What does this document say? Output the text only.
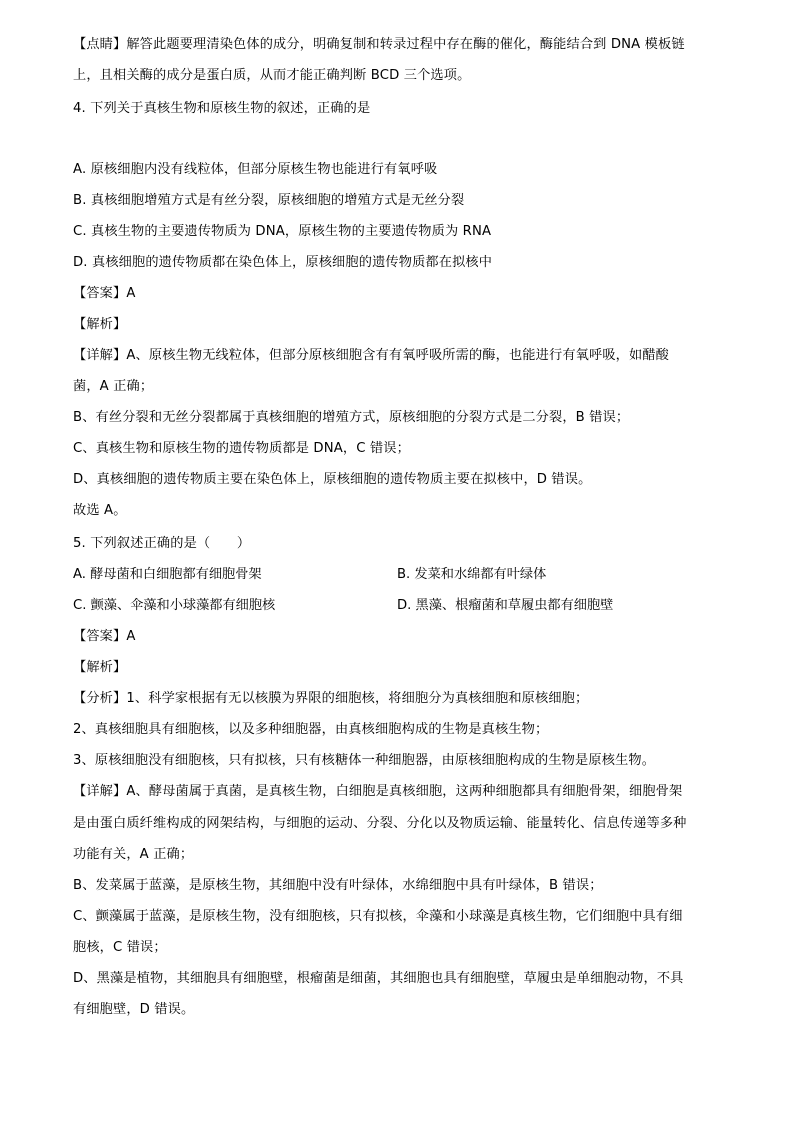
【点睛】解答此题要理清染色体的成分，明确复制和转录过程中存在酶的催化，酶能结合到 DNA 模板链
上，且相关酶的成分是蛋白质，从而才能正确判断 BCD 三个选项。
4. 下列关于真核生物和原核生物的叙述，正确的是
A. 原核细胞内没有线粒体，但部分原核生物也能进行有氧呼吸
B. 真核细胞增殖方式是有丝分裂，原核细胞的增殖方式是无丝分裂
C. 真核生物的主要遗传物质为 DNA，原核生物的主要遗传物质为 RNA
D. 真核细胞的遗传物质都在染色体上，原核细胞的遗传物质都在拟核中
【答案】A
【解析】
【详解】A、原核生物无线粒体，但部分原核细胞含有有氧呼吸所需的酶，也能进行有氧呼吸，如醋酸
菌，A 正确；
B、有丝分裂和无丝分裂都属于真核细胞的增殖方式，原核细胞的分裂方式是二分裂，B 错误；
C、真核生物和原核生物的遗传物质都是 DNA，C 错误；
D、真核细胞的遗传物质主要在染色体上，原核细胞的遗传物质主要在拟核中，D 错误。
故选 A。
5. 下列叙述正确的是（　　）
【答案】A
【解析】
【分析】1、科学家根据有无以核膜为界限的细胞核，将细胞分为真核细胞和原核细胞；
2、真核细胞具有细胞核，以及多种细胞器，由真核细胞构成的生物是真核生物；
3、原核细胞没有细胞核，只有拟核，只有核糖体一种细胞器，由原核细胞构成的生物是原核生物。
【详解】A、酵母菌属于真菌，是真核生物，白细胞是真核细胞，这两种细胞都具有细胞骨架，细胞骨架
是由蛋白质纤维构成的网架结构，与细胞的运动、分裂、分化以及物质运输、能量转化、信息传递等多种
功能有关，A 正确；
B、发菜属于蓝藻，是原核生物，其细胞中没有叶绿体，水绵细胞中具有叶绿体，B 错误；
C、颤藻属于蓝藻，是原核生物，没有细胞核，只有拟核，伞藻和小球藻是真核生物，它们细胞中具有细
胞核，C 错误；
D、黑藻是植物，其细胞具有细胞壁，根瘤菌是细菌，其细胞也具有细胞壁，草履虫是单细胞动物，不具
有细胞壁，D 错误。
A. 酵母菌和白细胞都有细胞骨架	B. 发菜和水绵都有叶绿体
C. 颤藻、伞藻和小球藻都有细胞核	D. 黑藻、根瘤菌和草履虫都有细胞壁
